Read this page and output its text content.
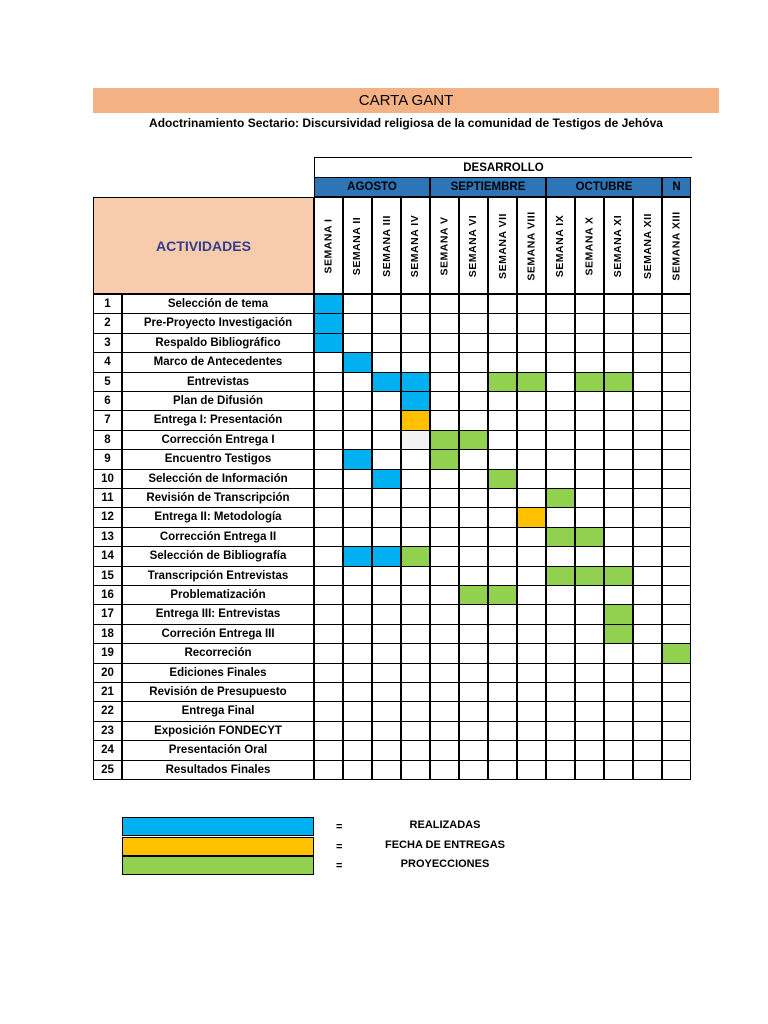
CARTA GANT
Adoctrinamiento Sectario: Discursividad religiosa de la comunidad de Testigos de Jehóva
DESARROLLO
ACTIVIDADES
AGOSTO	SEPTIEMBRE	OCTUBRE	N
SEMANA I SEMANA II SEMANA III SEMANA IV SEMANA V SEMANA VI SEMANA VII SEMANA VIII SEMANA IX SEMANA X SEMANA XI SEMANA XII SEMANA XIII
1	Selección de tema
2	Pre-Proyecto Investigación
3	Respaldo Bibliográfico
4	Marco de Antecedentes
5	Entrevistas
6	Plan de Difusión
7	Entrega I: Presentación
8	Corrección Entrega I
9	Encuentro Testigos
10	Selección de Información
11	Revisión de Transcripción
12	Entrega II: Metodología
13	Corrección Entrega II
14	Selección de Bibliografía
15	Transcripción Entrevistas
16	Problematización
17	Entrega III: Entrevistas
18	Correción Entrega III
19	Recorreción
20	Ediciones Finales
21	Revisión de Presupuesto
22	Entrega Final
23	Exposición FONDECYT
24	Presentación Oral
25	Resultados Finales
=	REALIZADAS
=	FECHA DE ENTREGAS
=	PROYECCIONES
